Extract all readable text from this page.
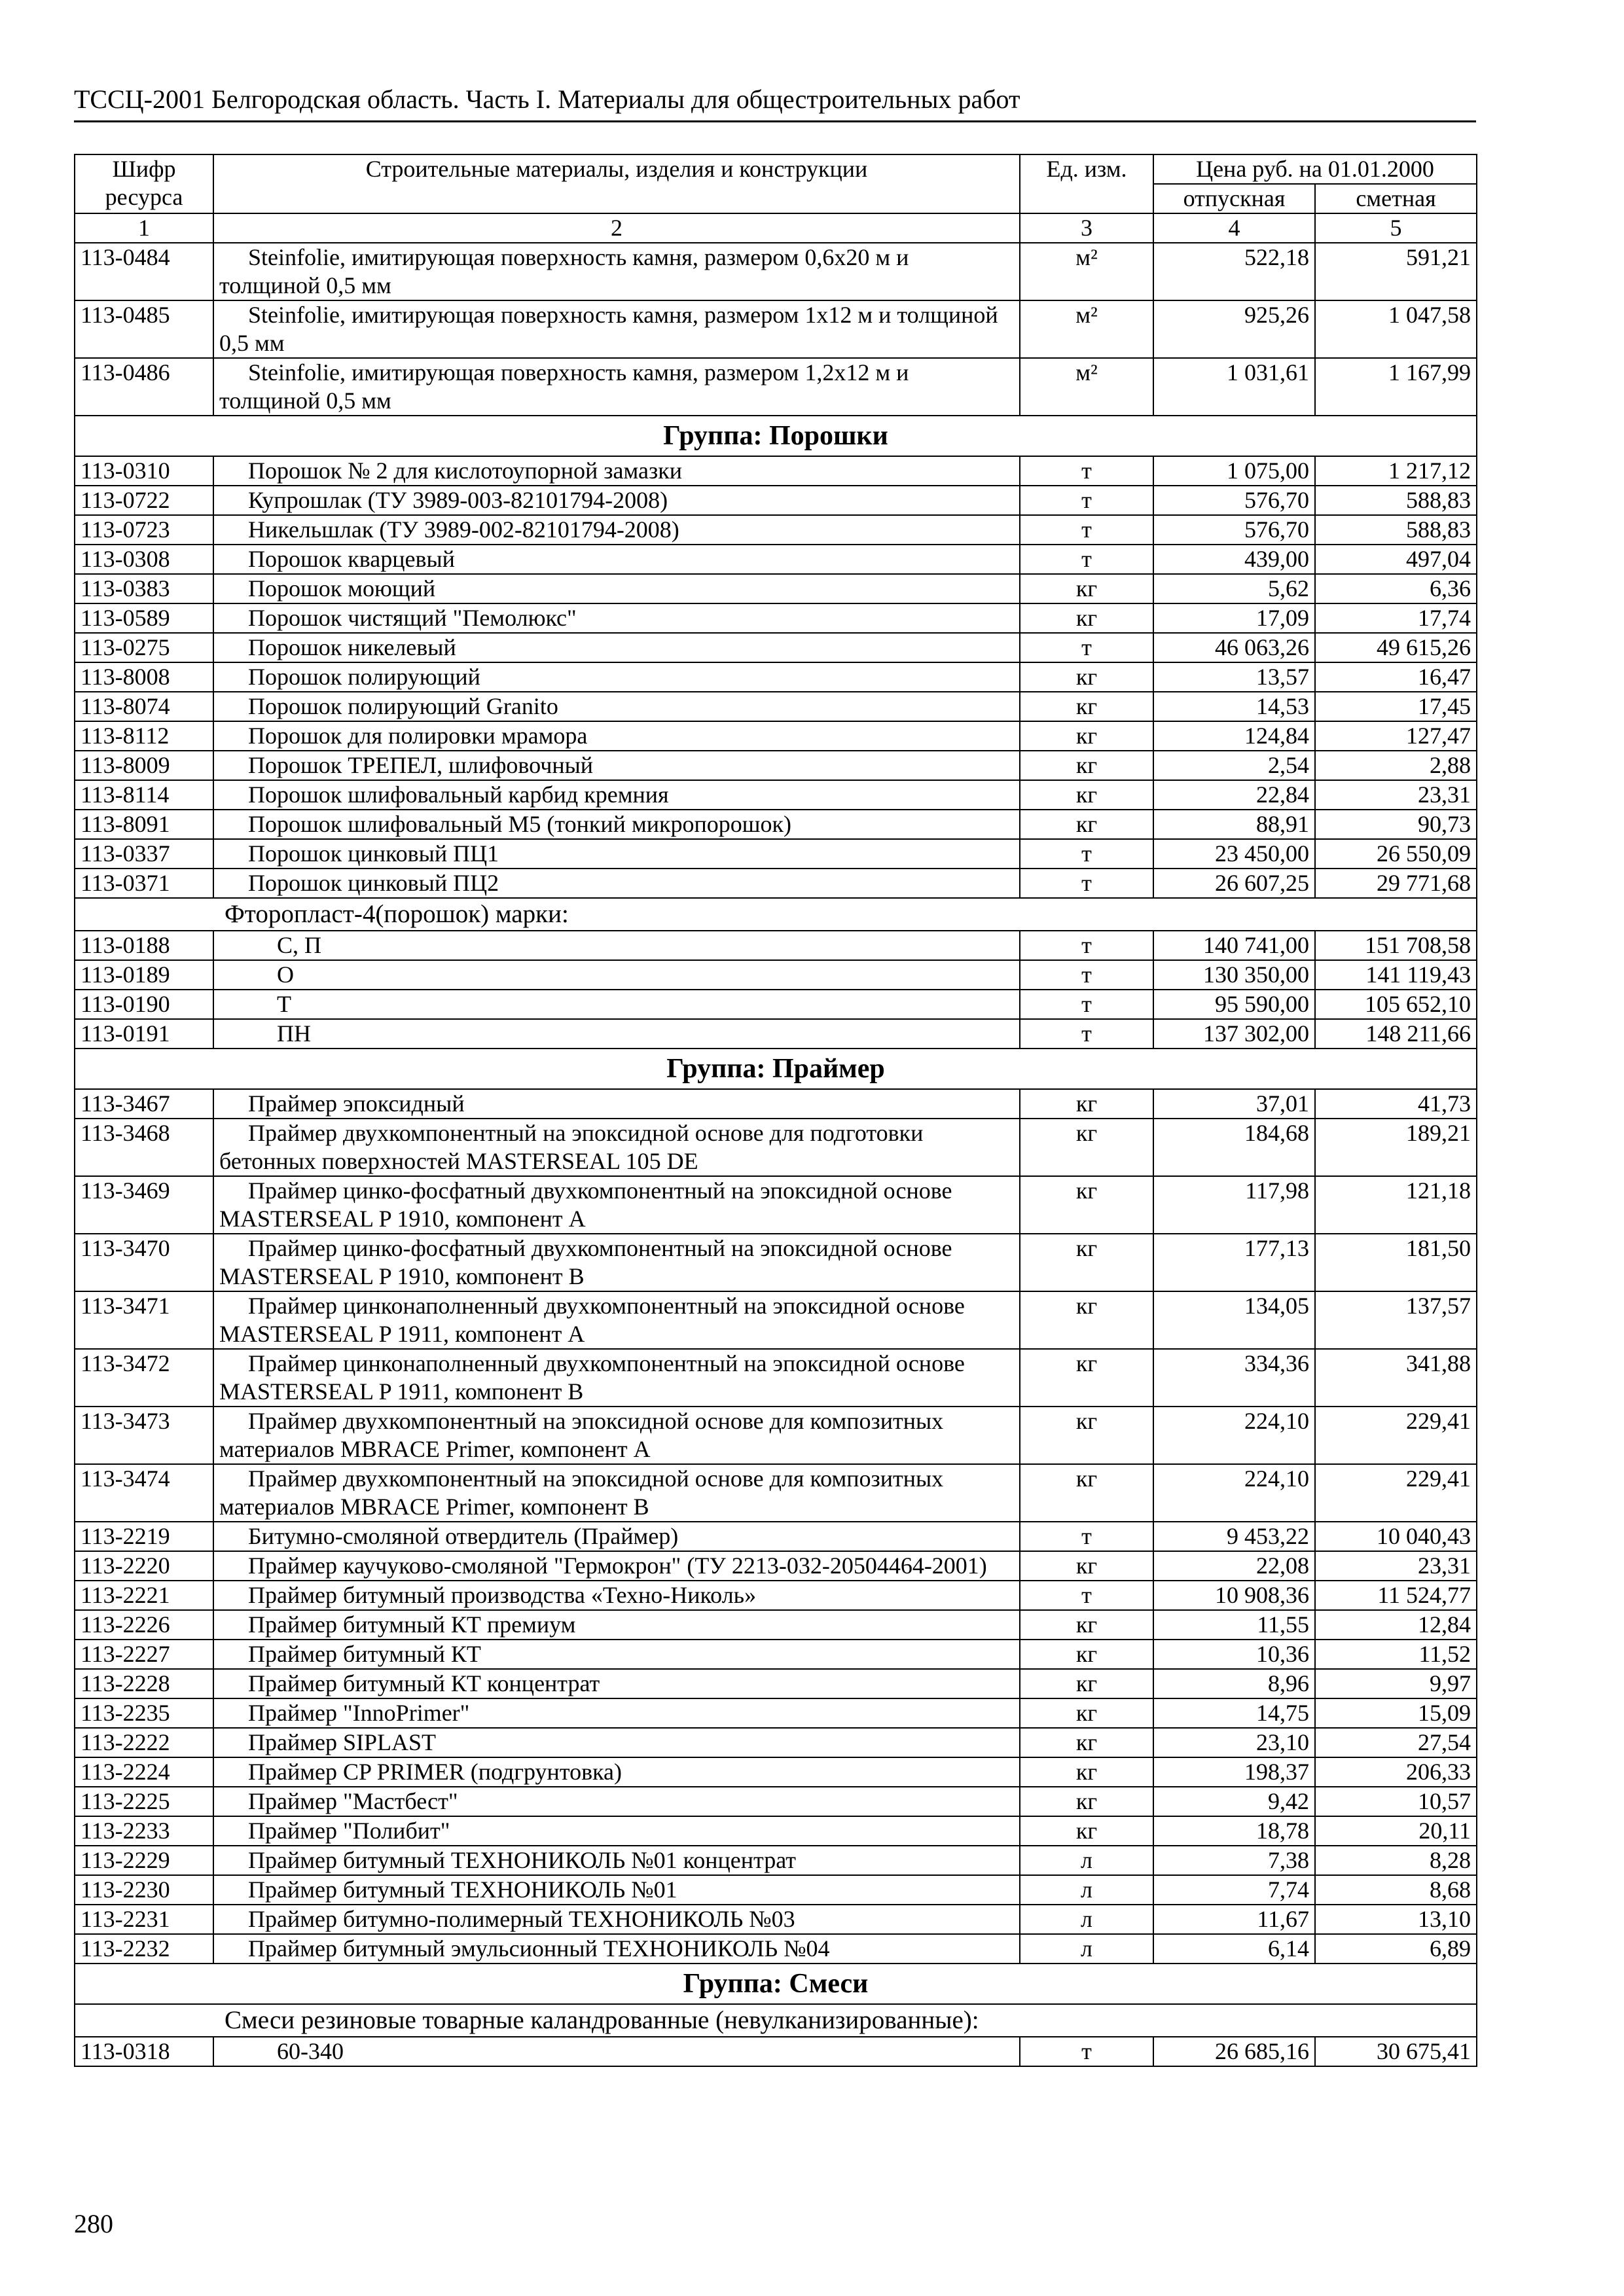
ТССЦ-2001 Белгородская область. Часть I. Материалы для общестроительных работ
Шифр ресурса	Строительные материалы, изделия и конструкции	Ед. изм.	Цена руб. на 01.01.2000	
			отпускная	сметная
1	2	3	4	5
113-0484	Steinfolie, имитирующая поверхность камня, размером 0,6х20 м и толщиной 0,5 мм	м²	522,18	591,21
113-0485	Steinfolie, имитирующая поверхность камня, размером 1х12 м и толщиной 0,5 мм	м²	925,26	1 047,58
113-0486	Steinfolie, имитирующая поверхность камня, размером 1,2х12 м и толщиной 0,5 мм	м²	1 031,61	1 167,99
Группа: Порошки				
113-0310	Порошок № 2 для кислотоупорной замазки	т	1 075,00	1 217,12
113-0722	Купрошлак (ТУ 3989-003-82101794-2008)	т	576,70	588,83
113-0723	Никельшлак (ТУ 3989-002-82101794-2008)	т	576,70	588,83
113-0308	Порошок кварцевый	т	439,00	497,04
113-0383	Порошок моющий	кг	5,62	6,36
113-0589	Порошок чистящий "Пемолюкс"	кг	17,09	17,74
113-0275	Порошок никелевый	т	46 063,26	49 615,26
113-8008	Порошок полирующий	кг	13,57	16,47
113-8074	Порошок полирующий Granito	кг	14,53	17,45
113-8112	Порошок для полировки мрамора	кг	124,84	127,47
113-8009	Порошок ТРЕПЕЛ, шлифовочный	кг	2,54	2,88
113-8114	Порошок шлифовальный карбид кремния	кг	22,84	23,31
113-8091	Порошок шлифовальный М5 (тонкий микропорошок)	кг	88,91	90,73
113-0337	Порошок цинковый ПЦ1	т	23 450,00	26 550,09
113-0371	Порошок цинковый ПЦ2	т	26 607,25	29 771,68
Фторопласт-4(порошок) марки:				
113-0188	С, П	т	140 741,00	151 708,58
113-0189	О	т	130 350,00	141 119,43
113-0190	Т	т	95 590,00	105 652,10
113-0191	ПН	т	137 302,00	148 211,66
Группа: Праймер				
113-3467	Праймер эпоксидный	кг	37,01	41,73
113-3468	Праймер двухкомпонентный на эпоксидной основе для подготовки бетонных поверхностей MASTERSEAL 105 DE	кг	184,68	189,21
113-3469	Праймер цинко-фосфатный двухкомпонентный на эпоксидной основе MASTERSEAL P 1910, компонент А	кг	117,98	121,18
113-3470	Праймер цинко-фосфатный двухкомпонентный на эпоксидной основе MASTERSEAL P 1910, компонент В	кг	177,13	181,50
113-3471	Праймер цинконаполненный двухкомпонентный на эпоксидной основе MASTERSEAL P 1911, компонент А	кг	134,05	137,57
113-3472	Праймер цинконаполненный двухкомпонентный на эпоксидной основе MASTERSEAL P 1911, компонент В	кг	334,36	341,88
113-3473	Праймер двухкомпонентный на эпоксидной основе для композитных материалов MBRACE Primer, компонент А	кг	224,10	229,41
113-3474	Праймер двухкомпонентный на эпоксидной основе для композитных материалов MBRACE Primer, компонент В	кг	224,10	229,41
113-2219	Битумно-смоляной отвердитель (Праймер)	т	9 453,22	10 040,43
113-2220	Праймер каучуково-смоляной "Гермокрон" (ТУ 2213-032-20504464-2001)	кг	22,08	23,31
113-2221	Праймер битумный производства «Техно-Николь»	т	10 908,36	11 524,77
113-2226	Праймер битумный КТ премиум	кг	11,55	12,84
113-2227	Праймер битумный КТ	кг	10,36	11,52
113-2228	Праймер битумный КТ концентрат	кг	8,96	9,97
113-2235	Праймер "InnoPrimer"	кг	14,75	15,09
113-2222	Праймер SIPLAST	кг	23,10	27,54
113-2224	Праймер CP PRIMER (подгрунтовка)	кг	198,37	206,33
113-2225	Праймер "Мастбест"	кг	9,42	10,57
113-2233	Праймер "Полибит"	кг	18,78	20,11
113-2229	Праймер битумный ТЕХНОНИКОЛЬ №01 концентрат	л	7,38	8,28
113-2230	Праймер битумный ТЕХНОНИКОЛЬ №01	л	7,74	8,68
113-2231	Праймер битумно-полимерный ТЕХНОНИКОЛЬ №03	л	11,67	13,10
113-2232	Праймер битумный эмульсионный ТЕХНОНИКОЛЬ №04	л	6,14	6,89
Группа: Смеси				
Смеси резиновые товарные каландрованные (невулканизированные):				
113-0318	60-340	т	26 685,16	30 675,41
280
